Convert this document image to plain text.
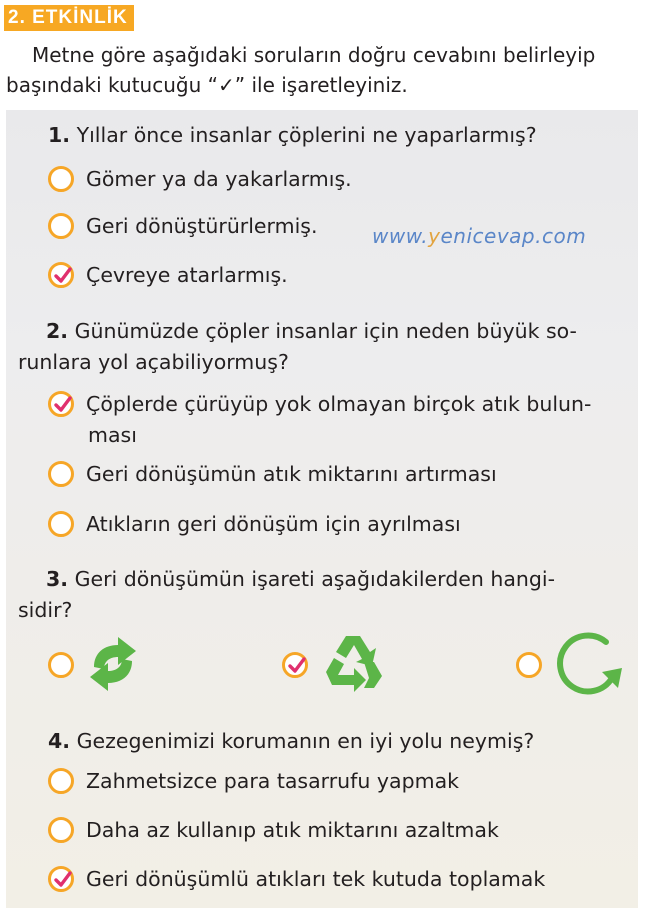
2. ETKİNLİK
Metne göre aşağıdaki soruların doğru cevabını belirleyip
başındaki kutucuğu “✓” ile işaretleyiniz.
1. Yıllar önce insanlar çöplerini ne yaparlarmış?
Gömer ya da yakarlarmış.
Geri dönüştürürlermiş.
Çevreye atarlarmış.
www.yenicevap.com
2. Günümüzde çöpler insanlar için neden büyük so-
runlara yol açabiliyormuş?
Çöplerde çürüyüp yok olmayan birçok atık bulun-
ması
Geri dönüşümün atık miktarını artırması
Atıkların geri dönüşüm için ayrılması
3. Geri dönüşümün işareti aşağıdakilerden hangi-
sidir?
4. Gezegenimizi korumanın en iyi yolu neymiş?
Zahmetsizce para tasarrufu yapmak
Daha az kullanıp atık miktarını azaltmak
Geri dönüşümlü atıkları tek kutuda toplamak
